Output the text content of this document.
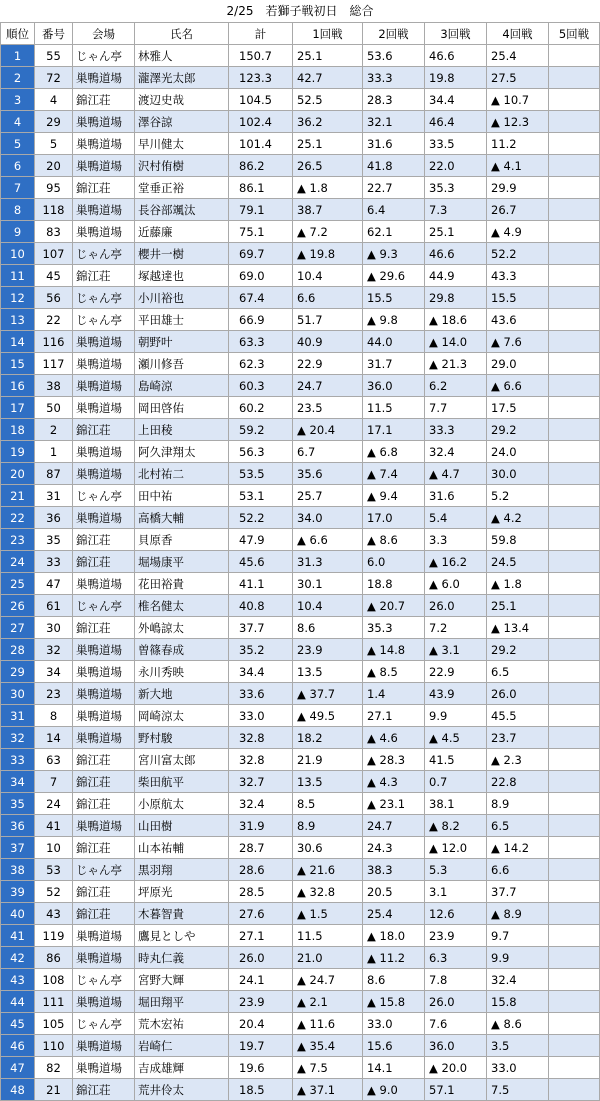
2/25　若獅子戦初日　総合
順位	番号	会場	氏名	計	1回戦	2回戦	3回戦	4回戦	5回戦
1	55	じゃん亭	林雅人	150.7	25.1	53.6	46.6	25.4	
2	72	巣鴨道場	瀧澤光太郎	123.3	42.7	33.3	19.8	27.5	
3	4	錦江荘	渡辺史哉	104.5	52.5	28.3	34.4	▲ 10.7	
4	29	巣鴨道場	澤谷諒	102.4	36.2	32.1	46.4	▲ 12.3	
5	5	巣鴨道場	早川健太	101.4	25.1	31.6	33.5	11.2	
6	20	巣鴨道場	沢村侑樹	86.2	26.5	41.8	22.0	▲ 4.1	
7	95	錦江荘	堂垂正裕	86.1	▲ 1.8	22.7	35.3	29.9	
8	118	巣鴨道場	長谷部颯汰	79.1	38.7	6.4	7.3	26.7	
9	83	巣鴨道場	近藤廉	75.1	▲ 7.2	62.1	25.1	▲ 4.9	
10	107	じゃん亭	櫻井一樹	69.7	▲ 19.8	▲ 9.3	46.6	52.2	
11	45	錦江荘	塚越達也	69.0	10.4	▲ 29.6	44.9	43.3	
12	56	じゃん亭	小川裕也	67.4	6.6	15.5	29.8	15.5	
13	22	じゃん亭	平田雄士	66.9	51.7	▲ 9.8	▲ 18.6	43.6	
14	116	巣鴨道場	朝野叶	63.3	40.9	44.0	▲ 14.0	▲ 7.6	
15	117	巣鴨道場	瀬川修吾	62.3	22.9	31.7	▲ 21.3	29.0	
16	38	巣鴨道場	島崎涼	60.3	24.7	36.0	6.2	▲ 6.6	
17	50	巣鴨道場	岡田啓佑	60.2	23.5	11.5	7.7	17.5	
18	2	錦江荘	上田稜	59.2	▲ 20.4	17.1	33.3	29.2	
19	1	巣鴨道場	阿久津翔太	56.3	6.7	▲ 6.8	32.4	24.0	
20	87	巣鴨道場	北村祐二	53.5	35.6	▲ 7.4	▲ 4.7	30.0	
21	31	じゃん亭	田中祐	53.1	25.7	▲ 9.4	31.6	5.2	
22	36	巣鴨道場	高橋大輔	52.2	34.0	17.0	5.4	▲ 4.2	
23	35	錦江荘	貝原香	47.9	▲ 6.6	▲ 8.6	3.3	59.8	
24	33	錦江荘	堀場康平	45.6	31.3	6.0	▲ 16.2	24.5	
25	47	巣鴨道場	花田裕貴	41.1	30.1	18.8	▲ 6.0	▲ 1.8	
26	61	じゃん亭	椎名健太	40.8	10.4	▲ 20.7	26.0	25.1	
27	30	錦江荘	外嶋諒太	37.7	8.6	35.3	7.2	▲ 13.4	
28	32	巣鴨道場	曽篠春成	35.2	23.9	▲ 14.8	▲ 3.1	29.2	
29	34	巣鴨道場	永川秀映	34.4	13.5	▲ 8.5	22.9	6.5	
30	23	巣鴨道場	新大地	33.6	▲ 37.7	1.4	43.9	26.0	
31	8	巣鴨道場	岡崎涼太	33.0	▲ 49.5	27.1	9.9	45.5	
32	14	巣鴨道場	野村駿	32.8	18.2	▲ 4.6	▲ 4.5	23.7	
33	63	錦江荘	宮川富太郎	32.8	21.9	▲ 28.3	41.5	▲ 2.3	
34	7	錦江荘	柴田航平	32.7	13.5	▲ 4.3	0.7	22.8	
35	24	錦江荘	小原航太	32.4	8.5	▲ 23.1	38.1	8.9	
36	41	巣鴨道場	山田樹	31.9	8.9	24.7	▲ 8.2	6.5	
37	10	錦江荘	山本祐輔	28.7	30.6	24.3	▲ 12.0	▲ 14.2	
38	53	じゃん亭	黒羽翔	28.6	▲ 21.6	38.3	5.3	6.6	
39	52	錦江荘	坪原光	28.5	▲ 32.8	20.5	3.1	37.7	
40	43	錦江荘	木暮智貴	27.6	▲ 1.5	25.4	12.6	▲ 8.9	
41	119	巣鴨道場	鷹見としや	27.1	11.5	▲ 18.0	23.9	9.7	
42	86	巣鴨道場	時丸仁義	26.0	21.0	▲ 11.2	6.3	9.9	
43	108	じゃん亭	宮野大輝	24.1	▲ 24.7	8.6	7.8	32.4	
44	111	巣鴨道場	堀田翔平	23.9	▲ 2.1	▲ 15.8	26.0	15.8	
45	105	じゃん亭	荒木宏祐	20.4	▲ 11.6	33.0	7.6	▲ 8.6	
46	110	巣鴨道場	岩崎仁	19.7	▲ 35.4	15.6	36.0	3.5	
47	82	巣鴨道場	吉成雄輝	19.6	▲ 7.5	14.1	▲ 20.0	33.0	
48	21	錦江荘	荒井伶太	18.5	▲ 37.1	▲ 9.0	57.1	7.5	
